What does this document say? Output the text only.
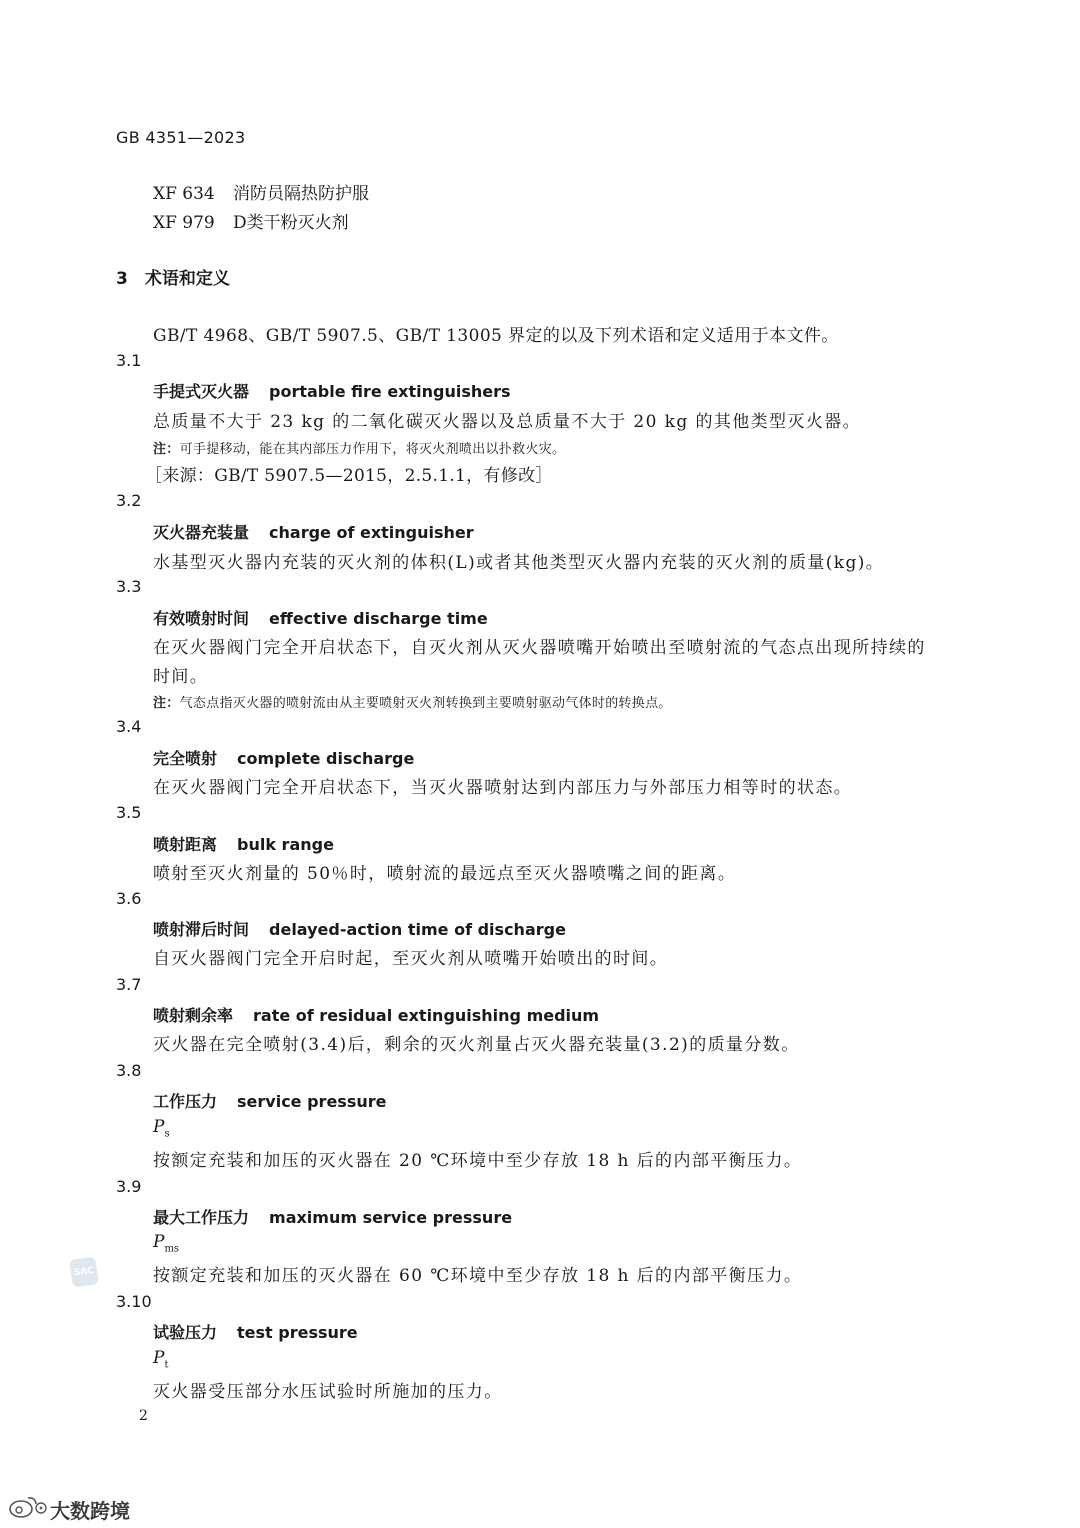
GB 4351—2023
XF 634 消防员隔热防护服
XF 979 D类干粉灭火剂
3  术语和定义
GB/T 4968、GB/T 5907.5、GB/T 13005 界定的以及下列术语和定义适用于本文件。
3.1
手提式灭火器 portable fire extinguishers
总质量不大于 23 kg 的二氧化碳灭火器以及总质量不大于 20 kg 的其他类型灭火器。
注：可手提移动，能在其内部压力作用下，将灭火剂喷出以扑救火灾。
［来源：GB/T 5907.5—2015，2.5.1.1，有修改］
3.2
灭火器充装量 charge of extinguisher
水基型灭火器内充装的灭火剂的体积(L)或者其他类型灭火器内充装的灭火剂的质量(kg)。
3.3
有效喷射时间 effective discharge time
在灭火器阀门完全开启状态下，自灭火剂从灭火器喷嘴开始喷出至喷射流的气态点出现所持续的
时间。
注：气态点指灭火器的喷射流由从主要喷射灭火剂转换到主要喷射驱动气体时的转换点。
3.4
完全喷射 complete discharge
在灭火器阀门完全开启状态下，当灭火器喷射达到内部压力与外部压力相等时的状态。
3.5
喷射距离 bulk range
喷射至灭火剂量的 50％时，喷射流的最远点至灭火器喷嘴之间的距离。
3.6
喷射滞后时间 delayed-action time of discharge
自灭火器阀门完全开启时起，至灭火剂从喷嘴开始喷出的时间。
3.7
喷射剩余率 rate of residual extinguishing medium
灭火器在完全喷射(3.4)后，剩余的灭火剂量占灭火器充装量(3.2)的质量分数。
3.8
工作压力 service pressure
$P_s$
按额定充装和加压的灭火器在 20 ℃环境中至少存放 18 h 后的内部平衡压力。
3.9
最大工作压力 maximum service pressure
$P_{ms}$
按额定充装和加压的灭火器在 60 ℃环境中至少存放 18 h 后的内部平衡压力。
3.10
试验压力 test pressure
$P_t$
灭火器受压部分水压试验时所施加的压力。
2
SAC
大数跨境
